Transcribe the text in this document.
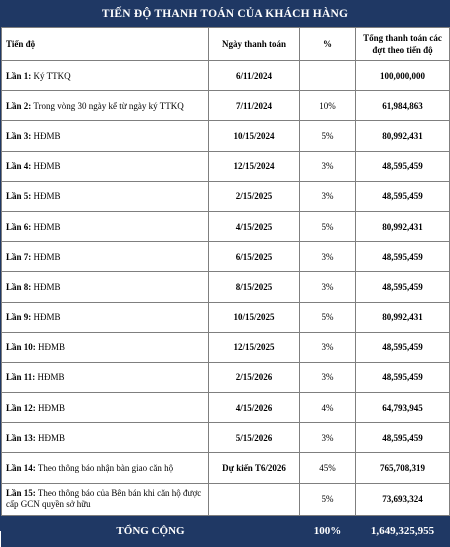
TIẾN ĐỘ THANH TOÁN CỦA KHÁCH HÀNG
Tiến độ	Ngày thanh toán	%	Tổng thanh toán các đợt theo tiến độ
Lần 1: Ký TTKQ	6/11/2024		100,000,000
Lần 2: Trong vòng 30 ngày kể từ ngày ký TTKQ	7/11/2024	10%	61,984,863
Lần 3: HĐMB	10/15/2024	5%	80,992,431
Lần 4: HĐMB	12/15/2024	3%	48,595,459
Lần 5: HĐMB	2/15/2025	3%	48,595,459
Lần 6: HĐMB	4/15/2025	5%	80,992,431
Lần 7: HĐMB	6/15/2025	3%	48,595,459
Lần 8: HĐMB	8/15/2025	3%	48,595,459
Lần 9: HĐMB	10/15/2025	5%	80,992,431
Lần 10: HĐMB	12/15/2025	3%	48,595,459
Lần 11: HĐMB	2/15/2026	3%	48,595,459
Lần 12: HĐMB	4/15/2026	4%	64,793,945
Lần 13: HĐMB	5/15/2026	3%	48,595,459
Lần 14: Theo thông báo nhận bàn giao căn hộ	Dự kiến T6/2026	45%	765,708,319
Lần 15: Theo thông báo của Bên bán khi căn hộ được cấp GCN quyền sở hữu		5%	73,693,324
TỔNG CỘNG		100%	1,649,325,955
